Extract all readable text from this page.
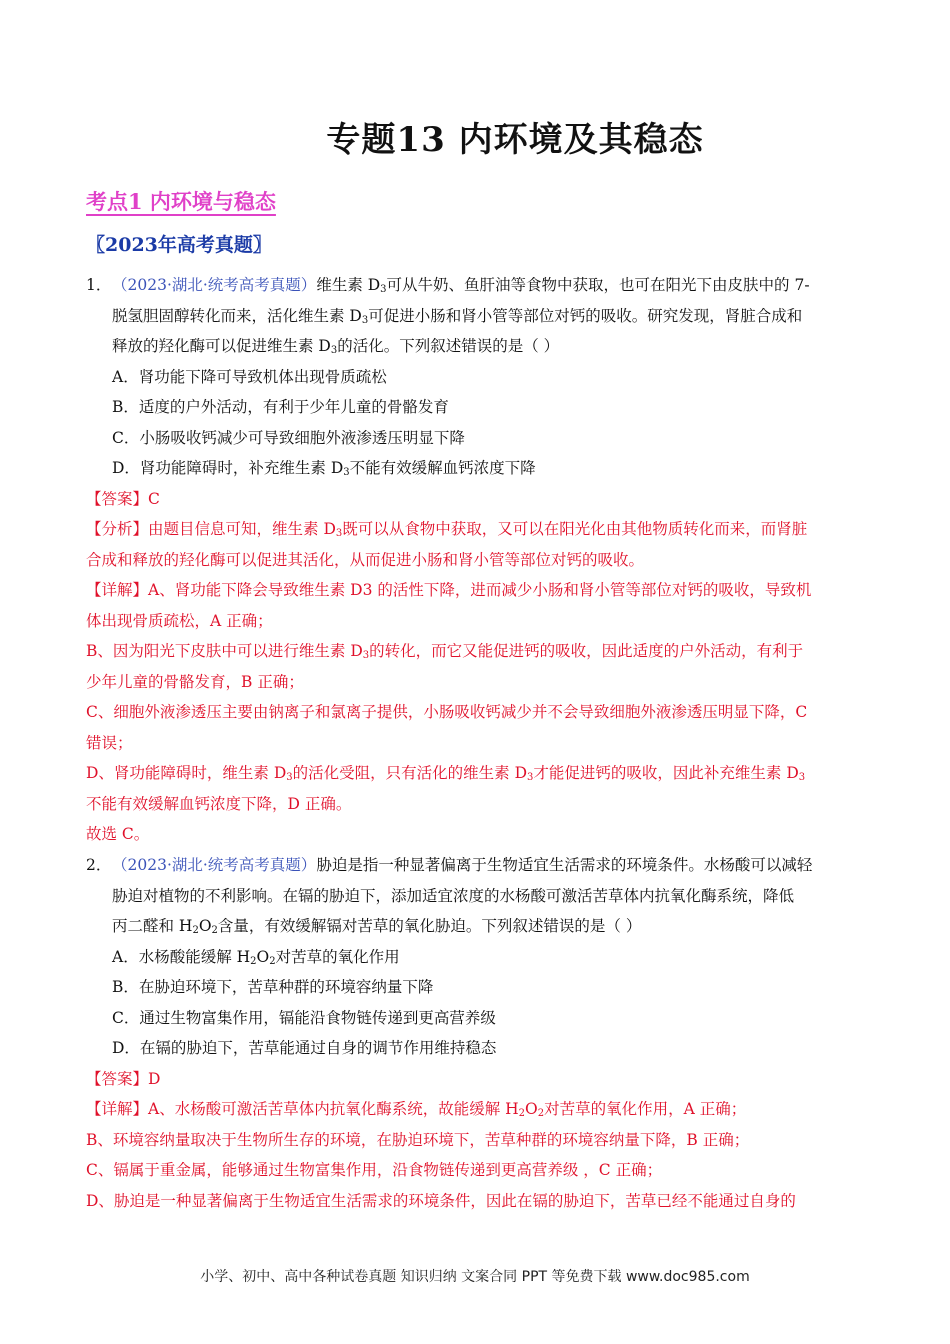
专题13 内环境及其稳态
考点1 内环境与稳态
〖2023年高考真题〗
1．（2023·湖北·统考高考真题）维生素 $D_3$可从牛奶、鱼肝油等食物中获取，也可在阳光下由皮肤中的 7-
脱氢胆固醇转化而来，活化维生素 $D_3$可促进小肠和肾小管等部位对钙的吸收。研究发现，肾脏合成和
释放的羟化酶可以促进维生素 $D_3$的活化。下列叙述错误的是（ ）
A．肾功能下降可导致机体出现骨质疏松
B．适度的户外活动，有利于少年儿童的骨骼发育
C．小肠吸收钙减少可导致细胞外液渗透压明显下降
D．肾功能障碍时，补充维生素 $D_3$不能有效缓解血钙浓度下降
【答案】C
【分析】由题目信息可知，维生素 $D_3$既可以从食物中获取，又可以在阳光化由其他物质转化而来，而肾脏
合成和释放的羟化酶可以促进其活化，从而促进小肠和肾小管等部位对钙的吸收。
【详解】A、肾功能下降会导致维生素 D3 的活性下降，进而减少小肠和肾小管等部位对钙的吸收，导致机
体出现骨质疏松，A 正确；
B、因为阳光下皮肤中可以进行维生素 $D_3$的转化，而它又能促进钙的吸收，因此适度的户外活动，有利于
少年儿童的骨骼发育，B 正确；
C、细胞外液渗透压主要由钠离子和氯离子提供，小肠吸收钙减少并不会导致细胞外液渗透压明显下降，C
错误；
D、肾功能障碍时，维生素 $D_3$的活化受阻，只有活化的维生素 $D_3$才能促进钙的吸收，因此补充维生素 $D_3$
不能有效缓解血钙浓度下降，D 正确。
故选 C。
2．（2023·湖北·统考高考真题）胁迫是指一种显著偏离于生物适宜生活需求的环境条件。水杨酸可以减轻
胁迫对植物的不利影响。在镉的胁迫下，添加适宜浓度的水杨酸可激活苦草体内抗氧化酶系统，降低
丙二醛和 $H_2O_2$含量，有效缓解镉对苦草的氧化胁迫。下列叙述错误的是（ ）
A．水杨酸能缓解 $H_2O_2$对苦草的氧化作用
B．在胁迫环境下，苦草种群的环境容纳量下降
C．通过生物富集作用，镉能沿食物链传递到更高营养级
D．在镉的胁迫下，苦草能通过自身的调节作用维持稳态
【答案】D
【详解】A、水杨酸可激活苦草体内抗氧化酶系统，故能缓解 $H_2O_2$对苦草的氧化作用，A 正确；
B、环境容纳量取决于生物所生存的环境，在胁迫环境下，苦草种群的环境容纳量下降，B 正确；
C、镉属于重金属，能够通过生物富集作用，沿食物链传递到更高营养级 ，C 正确；
D、胁迫是一种显著偏离于生物适宜生活需求的环境条件，因此在镉的胁迫下，苦草已经不能通过自身的
小学、初中、高中各种试卷真题 知识归纳 文案合同 PPT 等免费下载 www.doc985.com
